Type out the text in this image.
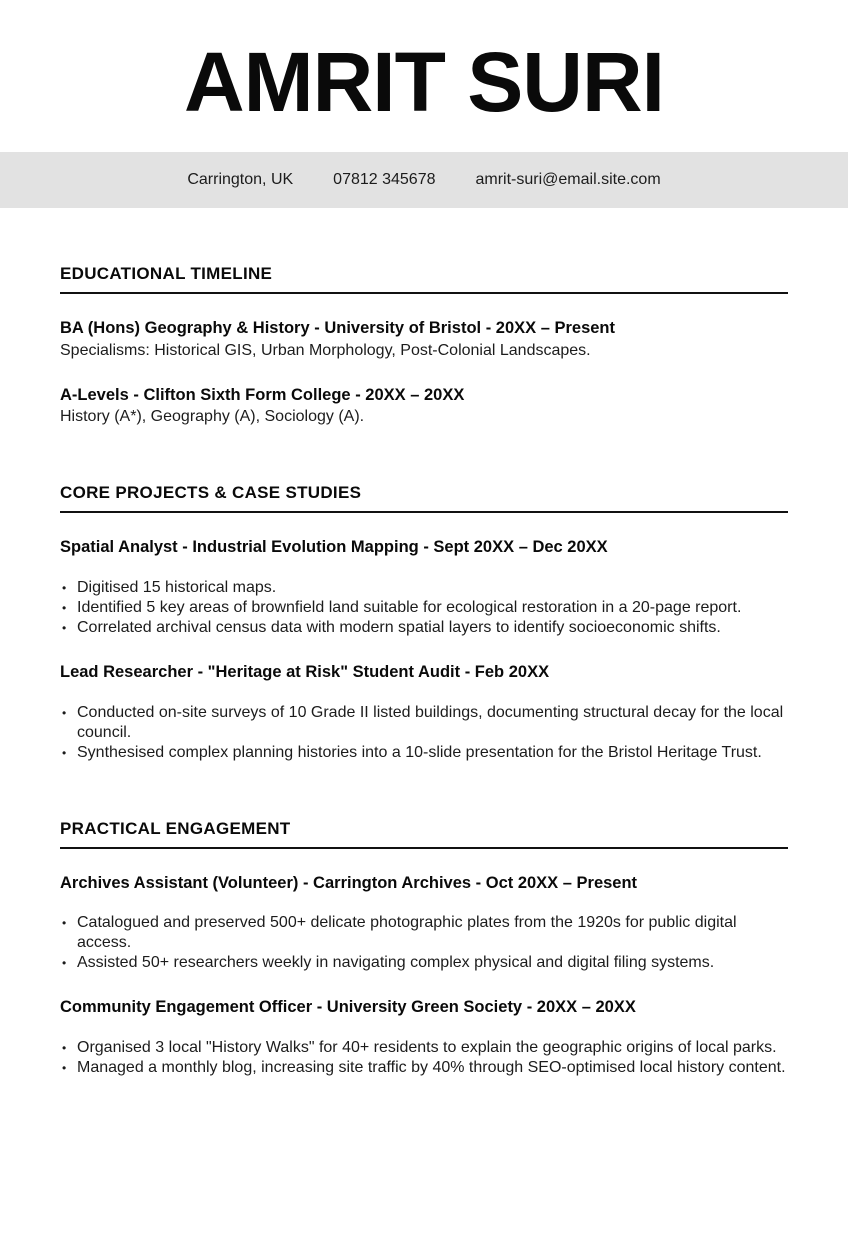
AMRIT SURI
Carrington, UK	07812 345678	amrit-suri@email.site.com
EDUCATIONAL TIMELINE
BA (Hons) Geography & History - University of Bristol - 20XX – Present

Specialisms: Historical GIS, Urban Morphology, Post-Colonial Landscapes.

A-Levels - Clifton Sixth Form College - 20XX – 20XX

History (A*), Geography (A), Sociology (A).

CORE PROJECTS & CASE STUDIES
Spatial Analyst - Industrial Evolution Mapping - Sept 20XX – Dec 20XX
• Digitised 15 historical maps.
• Identified 5 key areas of brownfield land suitable for ecological restoration in a 20-page report.
• Correlated archival census data with modern spatial layers to identify socioeconomic shifts.
Lead Researcher - "Heritage at Risk" Student Audit - Feb 20XX
• Conducted on-site surveys of 10 Grade II listed buildings, documenting structural decay for the local council.
• Synthesised complex planning histories into a 10-slide presentation for the Bristol Heritage Trust.
PRACTICAL ENGAGEMENT
Archives Assistant (Volunteer) - Carrington Archives - Oct 20XX – Present
• Catalogued and preserved 500+ delicate photographic plates from the 1920s for public digital access.
• Assisted 50+ researchers weekly in navigating complex physical and digital filing systems.
Community Engagement Officer - University Green Society - 20XX – 20XX
• Organised 3 local "History Walks" for 40+ residents to explain the geographic origins of local parks.
• Managed a monthly blog, increasing site traffic by 40% through SEO-optimised local history content.
